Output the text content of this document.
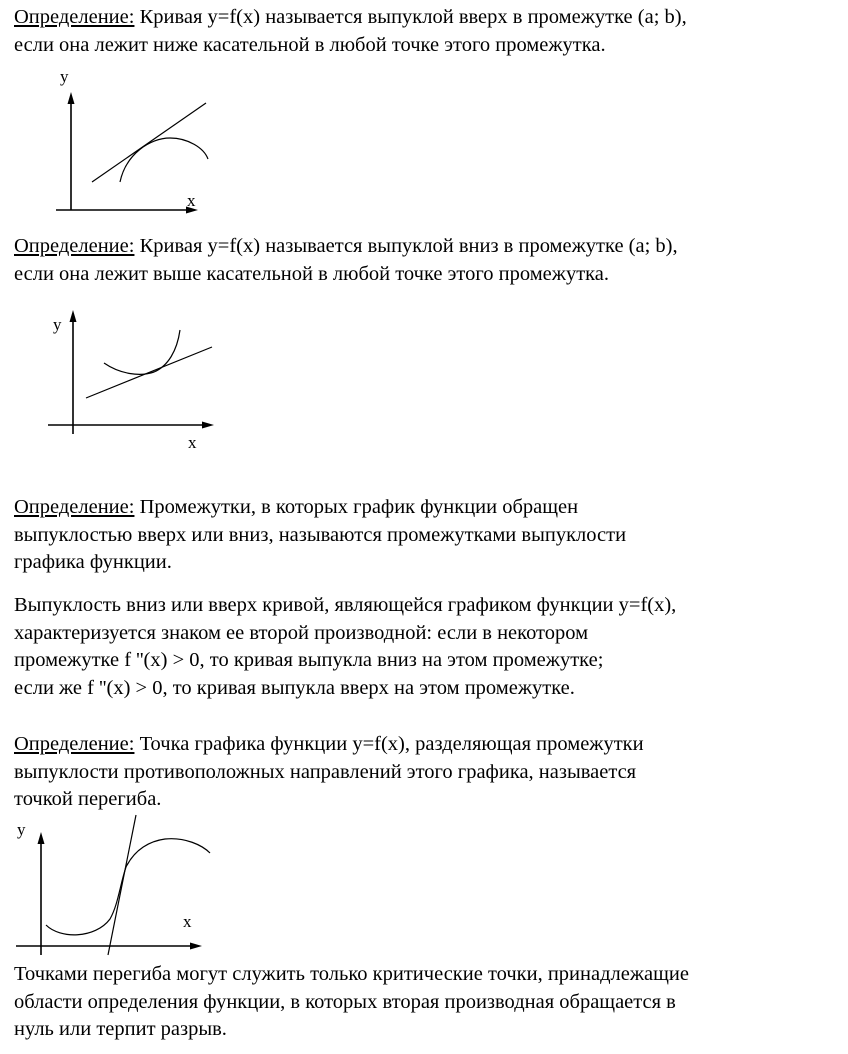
Определение: Кривая y=f(x) называется выпуклой вверх в промежутке (a; b),
если она лежит ниже касательной в любой точке этого промежутка.
y
x
Определение: Кривая y=f(x) называется выпуклой вниз в промежутке (a; b),
если она лежит выше касательной в любой точке этого промежутка.
y
x
Определение: Промежутки, в которых график функции обращен
выпуклостью вверх или вниз, называются промежутками выпуклости
графика функции.
Выпуклость вниз или вверх кривой, являющейся графиком функции y=f(x),
характеризуется знаком ее второй производной: если в некотором
промежутке f ''(x) > 0, то кривая выпукла вниз на этом промежутке;
если же f ''(x) > 0, то кривая выпукла вверх на этом промежутке.
Определение: Точка графика функции y=f(x), разделяющая промежутки
выпуклости противоположных направлений этого графика, называется
точкой перегиба.
y
x
Точками перегиба могут служить только критические точки, принадлежащие
области определения функции, в которых вторая производная обращается в
нуль или терпит разрыв.
